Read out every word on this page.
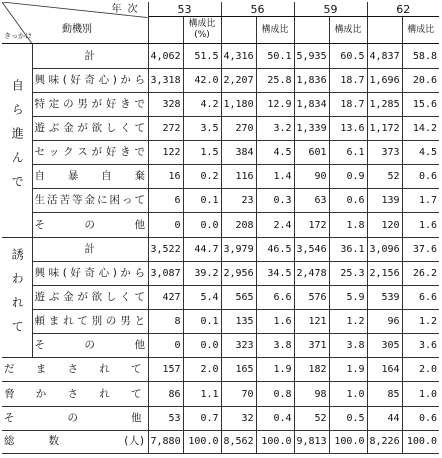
年次
動機別
きっかけ		53		56		59		62	
			構成比
(%)		構成比		構成比		構成比
自ら進んで	計	4,062	51.5	4,316	50.1	5,935	60.5	4,837	58.8
	興味(好奇心)から	3,318	42.0	2,207	25.8	1,836	18.7	1,696	20.6
	特定の男が好きで	328	4.2	1,180	12.9	1,834	18.7	1,285	15.6
	遊ぶ金が欲しくて	272	3.5	270	3.2	1,339	13.6	1,172	14.2
	セックスが好きで	122	1.5	384	4.5	601	6.1	373	4.5
	自暴自棄	16	0.2	116	1.4	90	0.9	52	0.6
	生活苦等金に困って	6	0.1	23	0.3	63	0.6	139	1.7
	その他	0	0.0	208	2.4	172	1.8	120	1.6
誘われて	計	3,522	44.7	3,979	46.5	3,546	36.1	3,096	37.6
	興味(好奇心)から	3,087	39.2	2,956	34.5	2,478	25.3	2,156	26.2
	遊ぶ金が欲しくて	427	5.4	565	6.6	576	5.9	539	6.6
	頼まれて別の男と	8	0.1	135	1.6	121	1.2	96	1.2
	その他	0	0.0	323	3.8	371	3.8	305	3.6
だまされて		157	2.0	165	1.9	182	1.9	164	2.0
脅かされて		86	1.1	70	0.8	98	1.0	85	1.0
その他		53	0.7	32	0.4	52	0.5	44	0.6
総数 (人)		7,880	100.0	8,562	100.0	9,813	100.0	8,226	100.0
